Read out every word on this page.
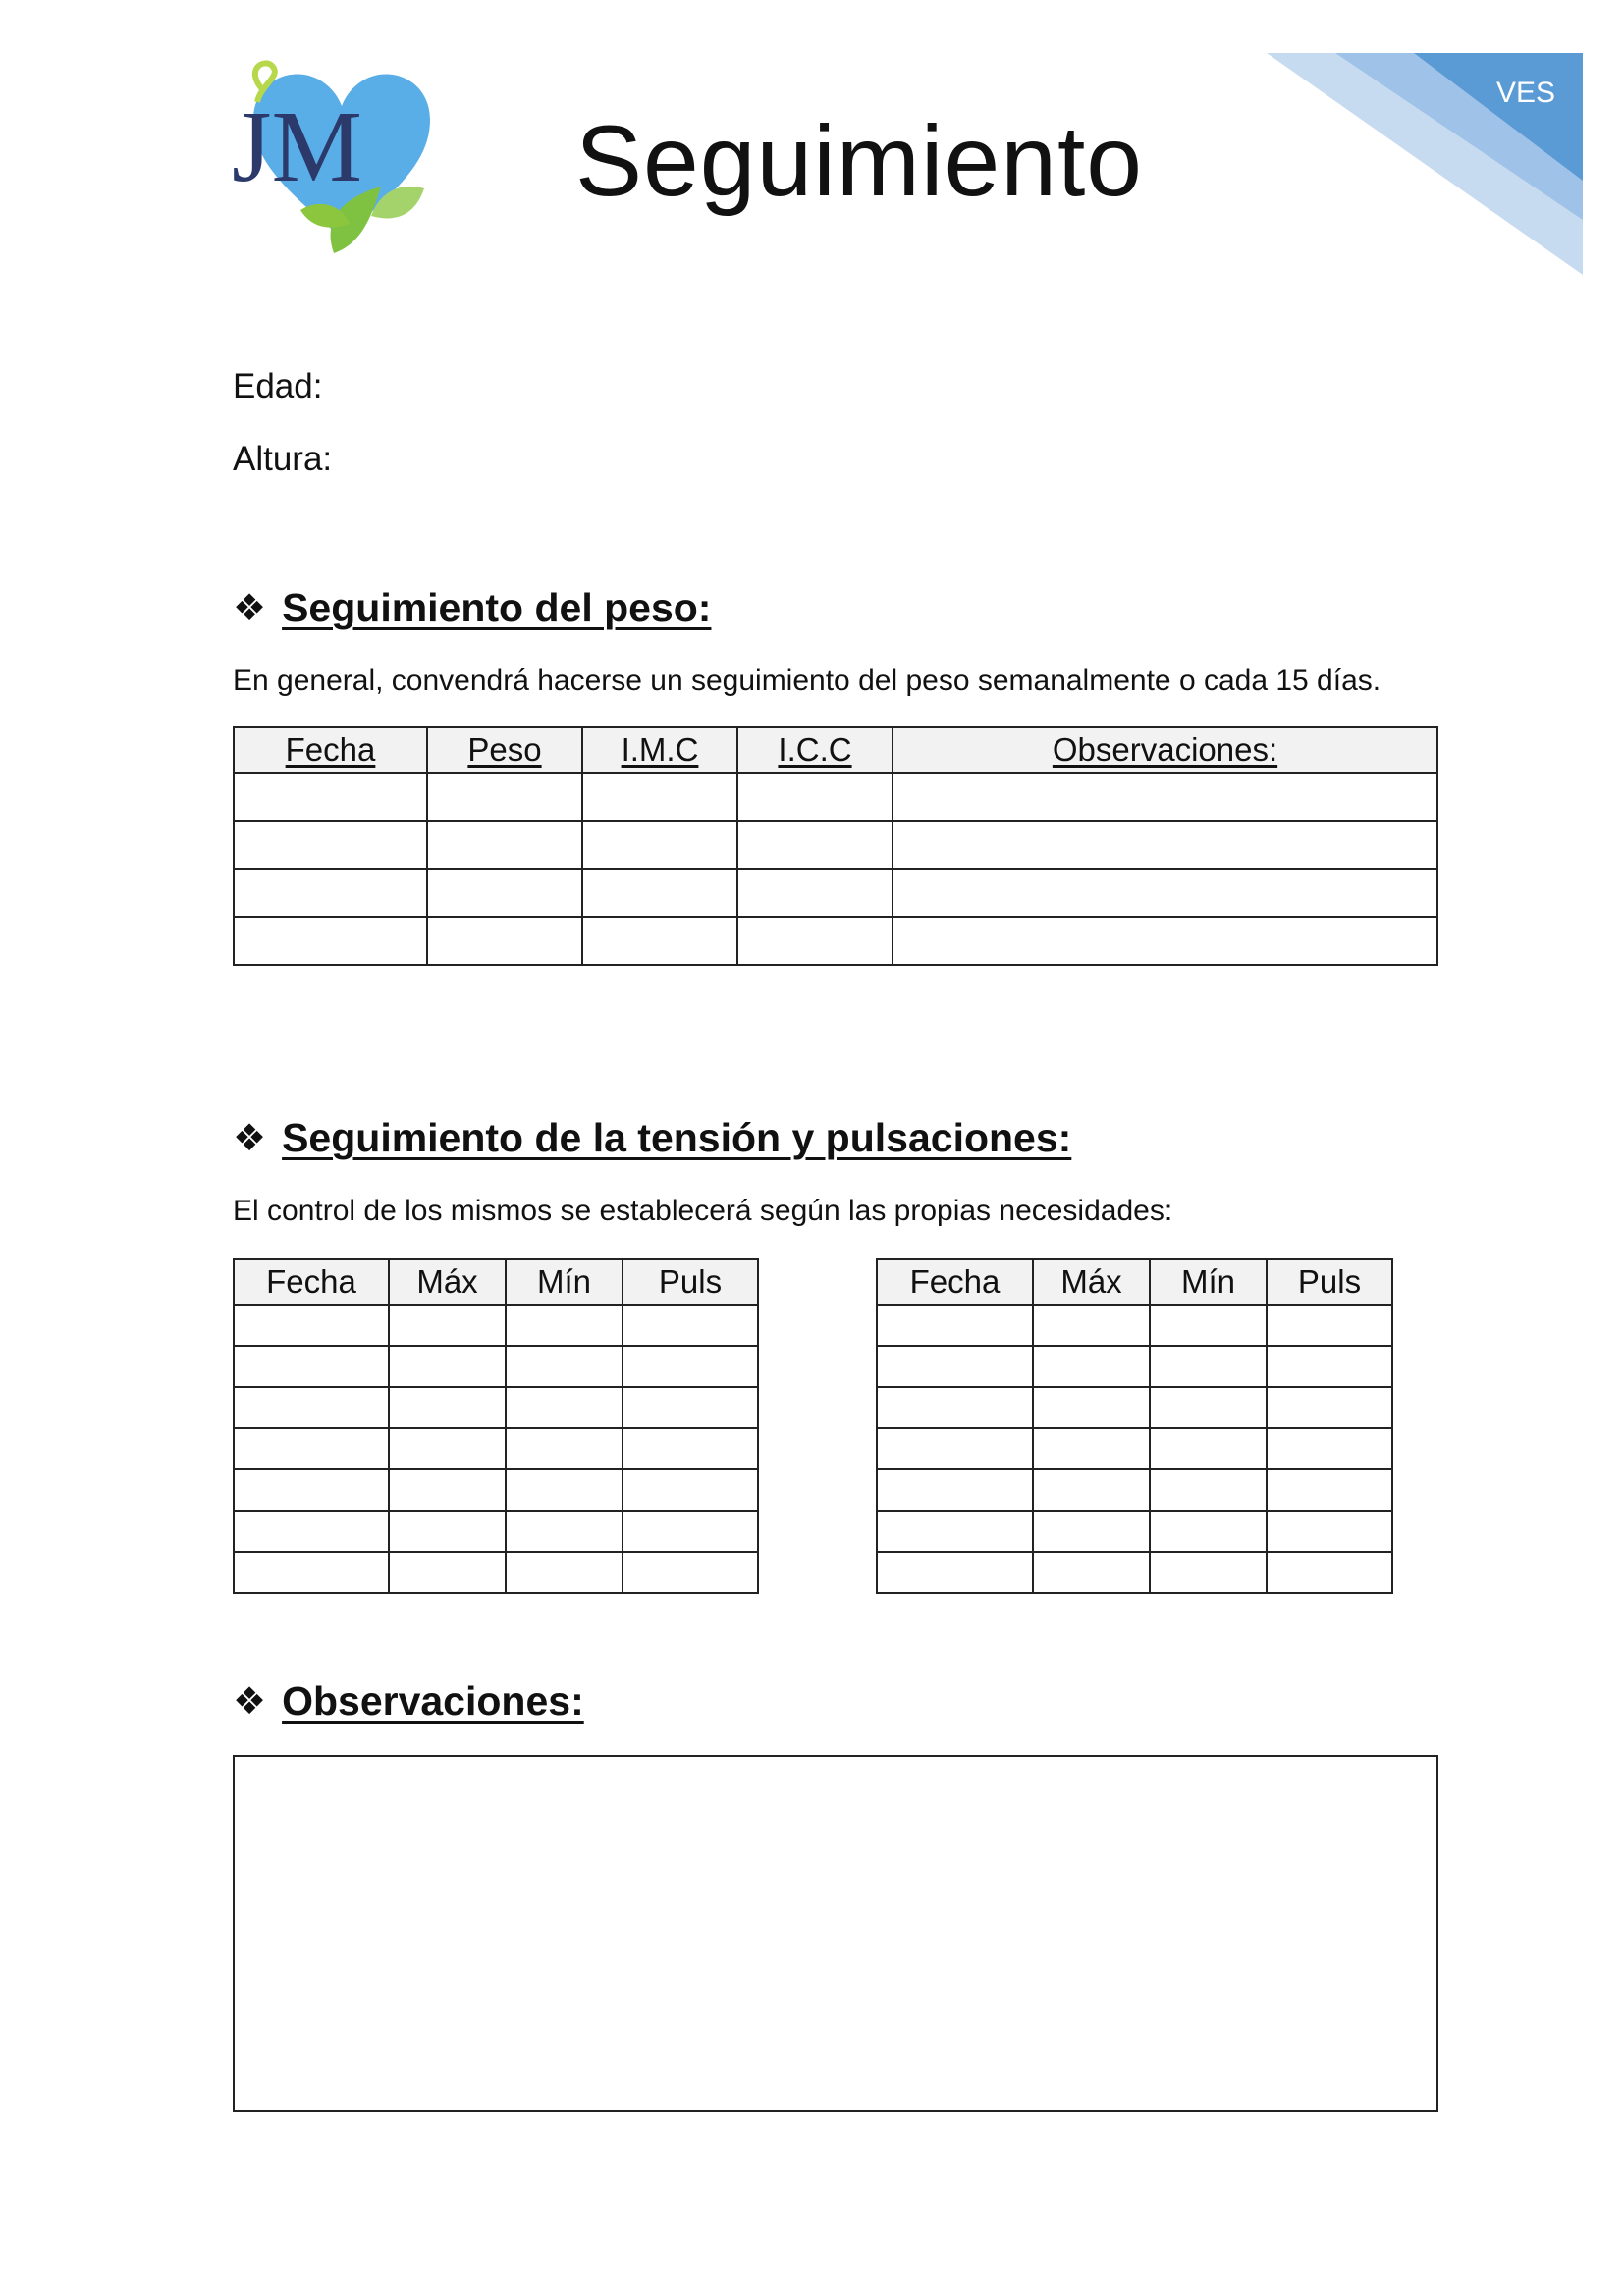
JM	VES
Seguimiento
Edad:
Altura:
❖ Seguimiento del peso:
En general, convendrá hacerse un seguimiento del peso semanalmente o cada 15 días.
Fecha	Peso	I.M.C	I.C.C	Observaciones:

❖ Seguimiento de la tensión y pulsaciones:
El control de los mismos se establecerá según las propias necesidades:
Fecha	Máx	Mín	Puls

				Fecha	Máx	Mín	Puls

❖ Observaciones:
